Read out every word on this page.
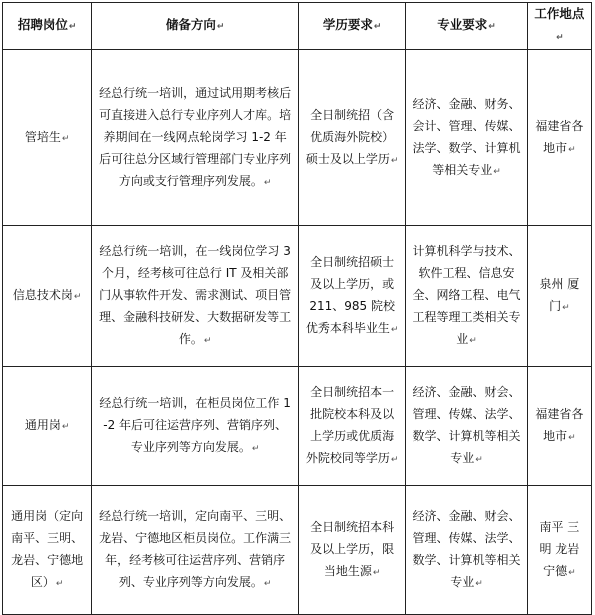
招聘岗位↵	储备方向↵	学历要求↵	专业要求↵	工作地点↵
管培生↵	经总行统一培训，通过试用期考核后可直接进入总行专业序列人才库。培养期间在一线网点轮岗学习 1-2 年后可往总分区域行管理部门专业序列方向或支行管理序列发展。↵	全日制统招（含优质海外院校）硕士及以上学历↵	经济、金融、财务、会计、管理、传媒、法学、数学、计算机等相关专业↵	福建省各地市↵
信息技术岗↵	经总行统一培训，在一线岗位学习 3 个月，经考核可往总行 IT 及相关部门从事软件开发、需求测试、项目管理、金融科技研发、大数据研发等工作。↵	全日制统招硕士及以上学历，或 211、985 院校优秀本科毕业生↵	计算机科学与技术、软件工程、信息安全、网络工程、电气工程等理工类相关专业↵	泉州 厦门↵
通用岗↵	经总行统一培训，在柜员岗位工作 1-2 年后可往运营序列、营销序列、专业序列等方向发展。↵	全日制统招本一批院校本科及以上学历或优质海外院校同等学历↵	经济、金融、财会、管理、传媒、法学、数学、计算机等相关专业↵	福建省各地市↵
通用岗（定向南平、三明、龙岩、宁德地区）↵	经总行统一培训，定向南平、三明、龙岩、宁德地区柜员岗位。工作满三年，经考核可往运营序列、营销序列、专业序列等方向发展。↵	全日制统招本科及以上学历，限当地生源↵	经济、金融、财会、管理、传媒、法学、数学、计算机等相关专业↵	南平 三明 龙岩 宁德↵
